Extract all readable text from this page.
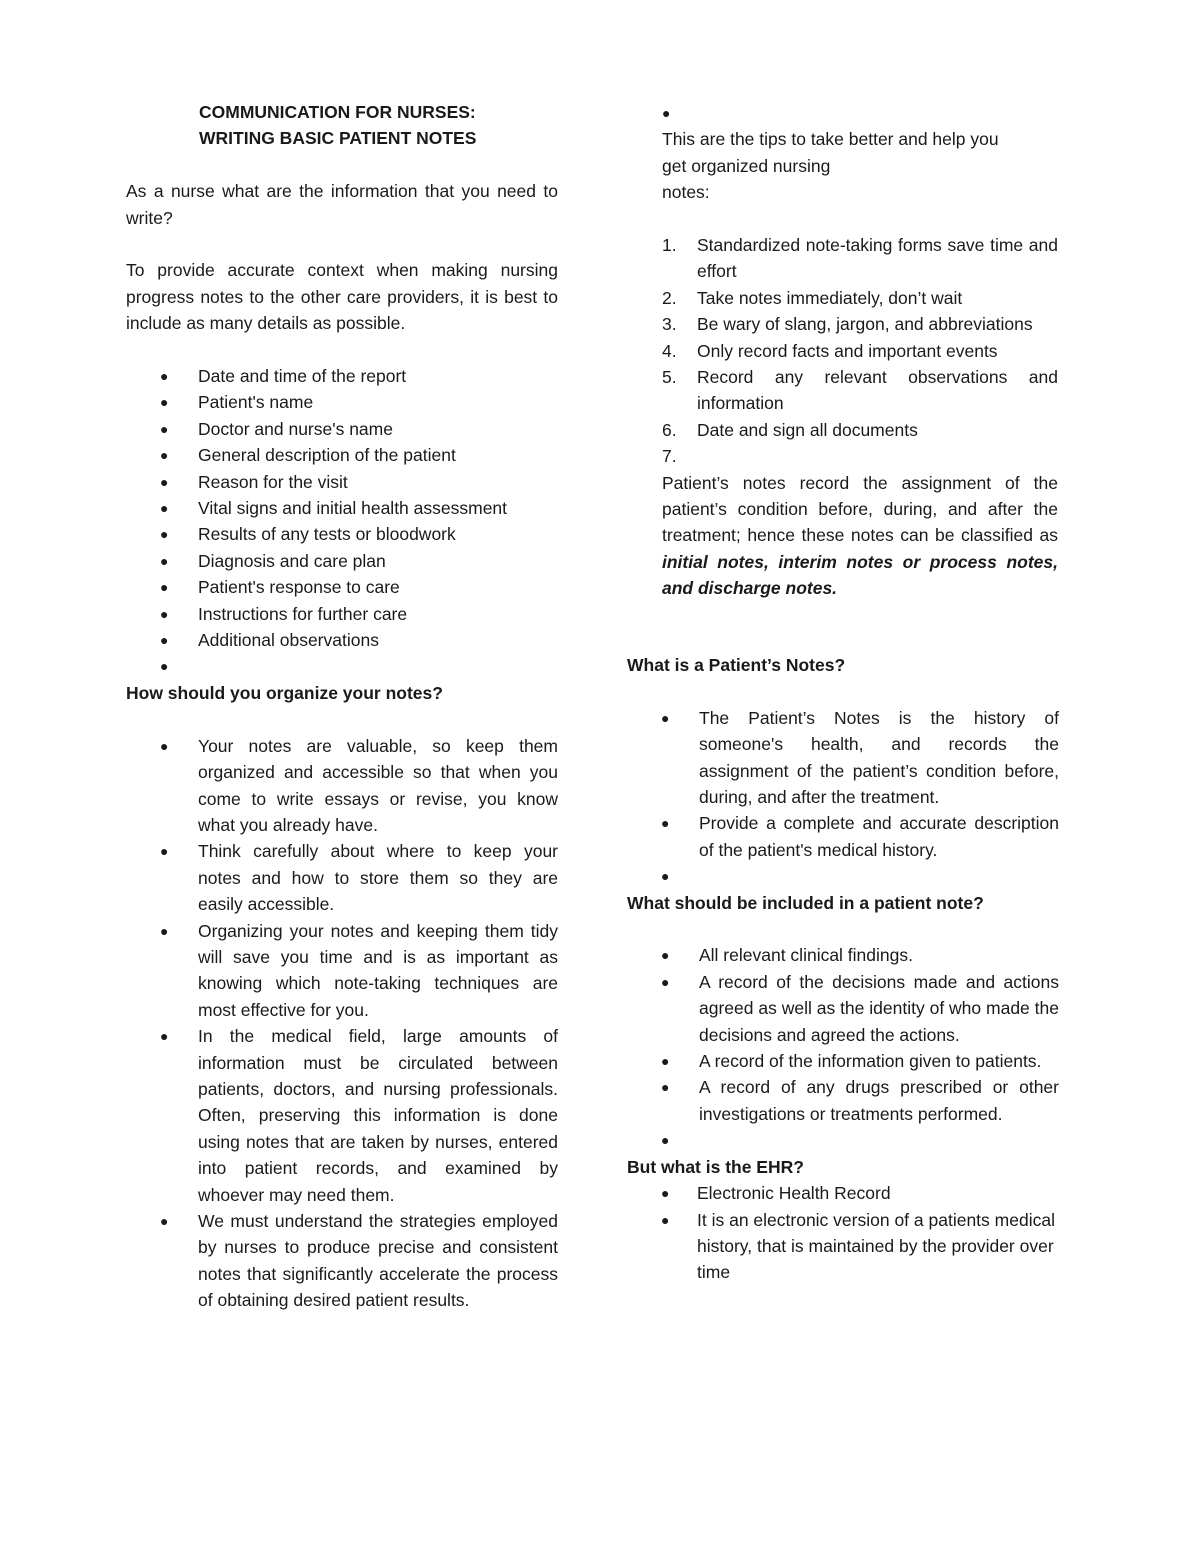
COMMUNICATION FOR NURSES:

WRITING BASIC PATIENT NOTES

As a nurse what are the information that you need to write?

To provide accurate context when making nursing progress notes to the other care providers, it is best to include as many details as possible.

● Date and time of the report
● Patient's name
● Doctor and nurse's name
● General description of the patient
● Reason for the visit
● Vital signs and initial health assessment
● Results of any tests or bloodwork
● Diagnosis and care plan
● Patient's response to care
● Instructions for further care
● Additional observations
●

How should you organize your notes?

● Your notes are valuable, so keep them organized and accessible so that when you come to write essays or revise, you know what you already have.
● Think carefully about where to keep your notes and how to store them so they are easily accessible.
● Organizing your notes and keeping them tidy will save you time and is as important as knowing which note-taking techniques are most effective for you.
● In the medical field, large amounts of information must be circulated between patients, doctors, and nursing professionals. Often, preserving this information is done using notes that are taken by nurses, entered into patient records, and examined by whoever may need them.
● We must understand the strategies employed by nurses to produce precise and consistent notes that significantly accelerate the process of obtaining desired patient results.

●

This are the tips to take better and help you

get organized nursing

notes:

1. Standardized note-taking forms save time and effort
2. Take notes immediately, don’t wait
3. Be wary of slang, jargon, and abbreviations
4. Only record facts and important events
5. Record any relevant observations and information
6. Date and sign all documents
7.

Patient’s notes record the assignment of the patient’s condition before, during, and after the treatment; hence these notes can be classified as initial notes, interim notes or process notes, and discharge notes.

What is a Patient’s Notes?

● The Patient’s Notes is the history of someone's health, and records the assignment of the patient’s condition before, during, and after the treatment.
● Provide a complete and accurate description of the patient's medical history.
●

What should be included in a patient note?

● All relevant clinical findings.
● A record of the decisions made and actions agreed as well as the identity of who made the decisions and agreed the actions.
● A record of the information given to patients.
● A record of any drugs prescribed or other investigations or treatments performed.
●

But what is the EHR?

● Electronic Health Record
● It is an electronic version of a patients medical history, that is maintained by the provider over time
